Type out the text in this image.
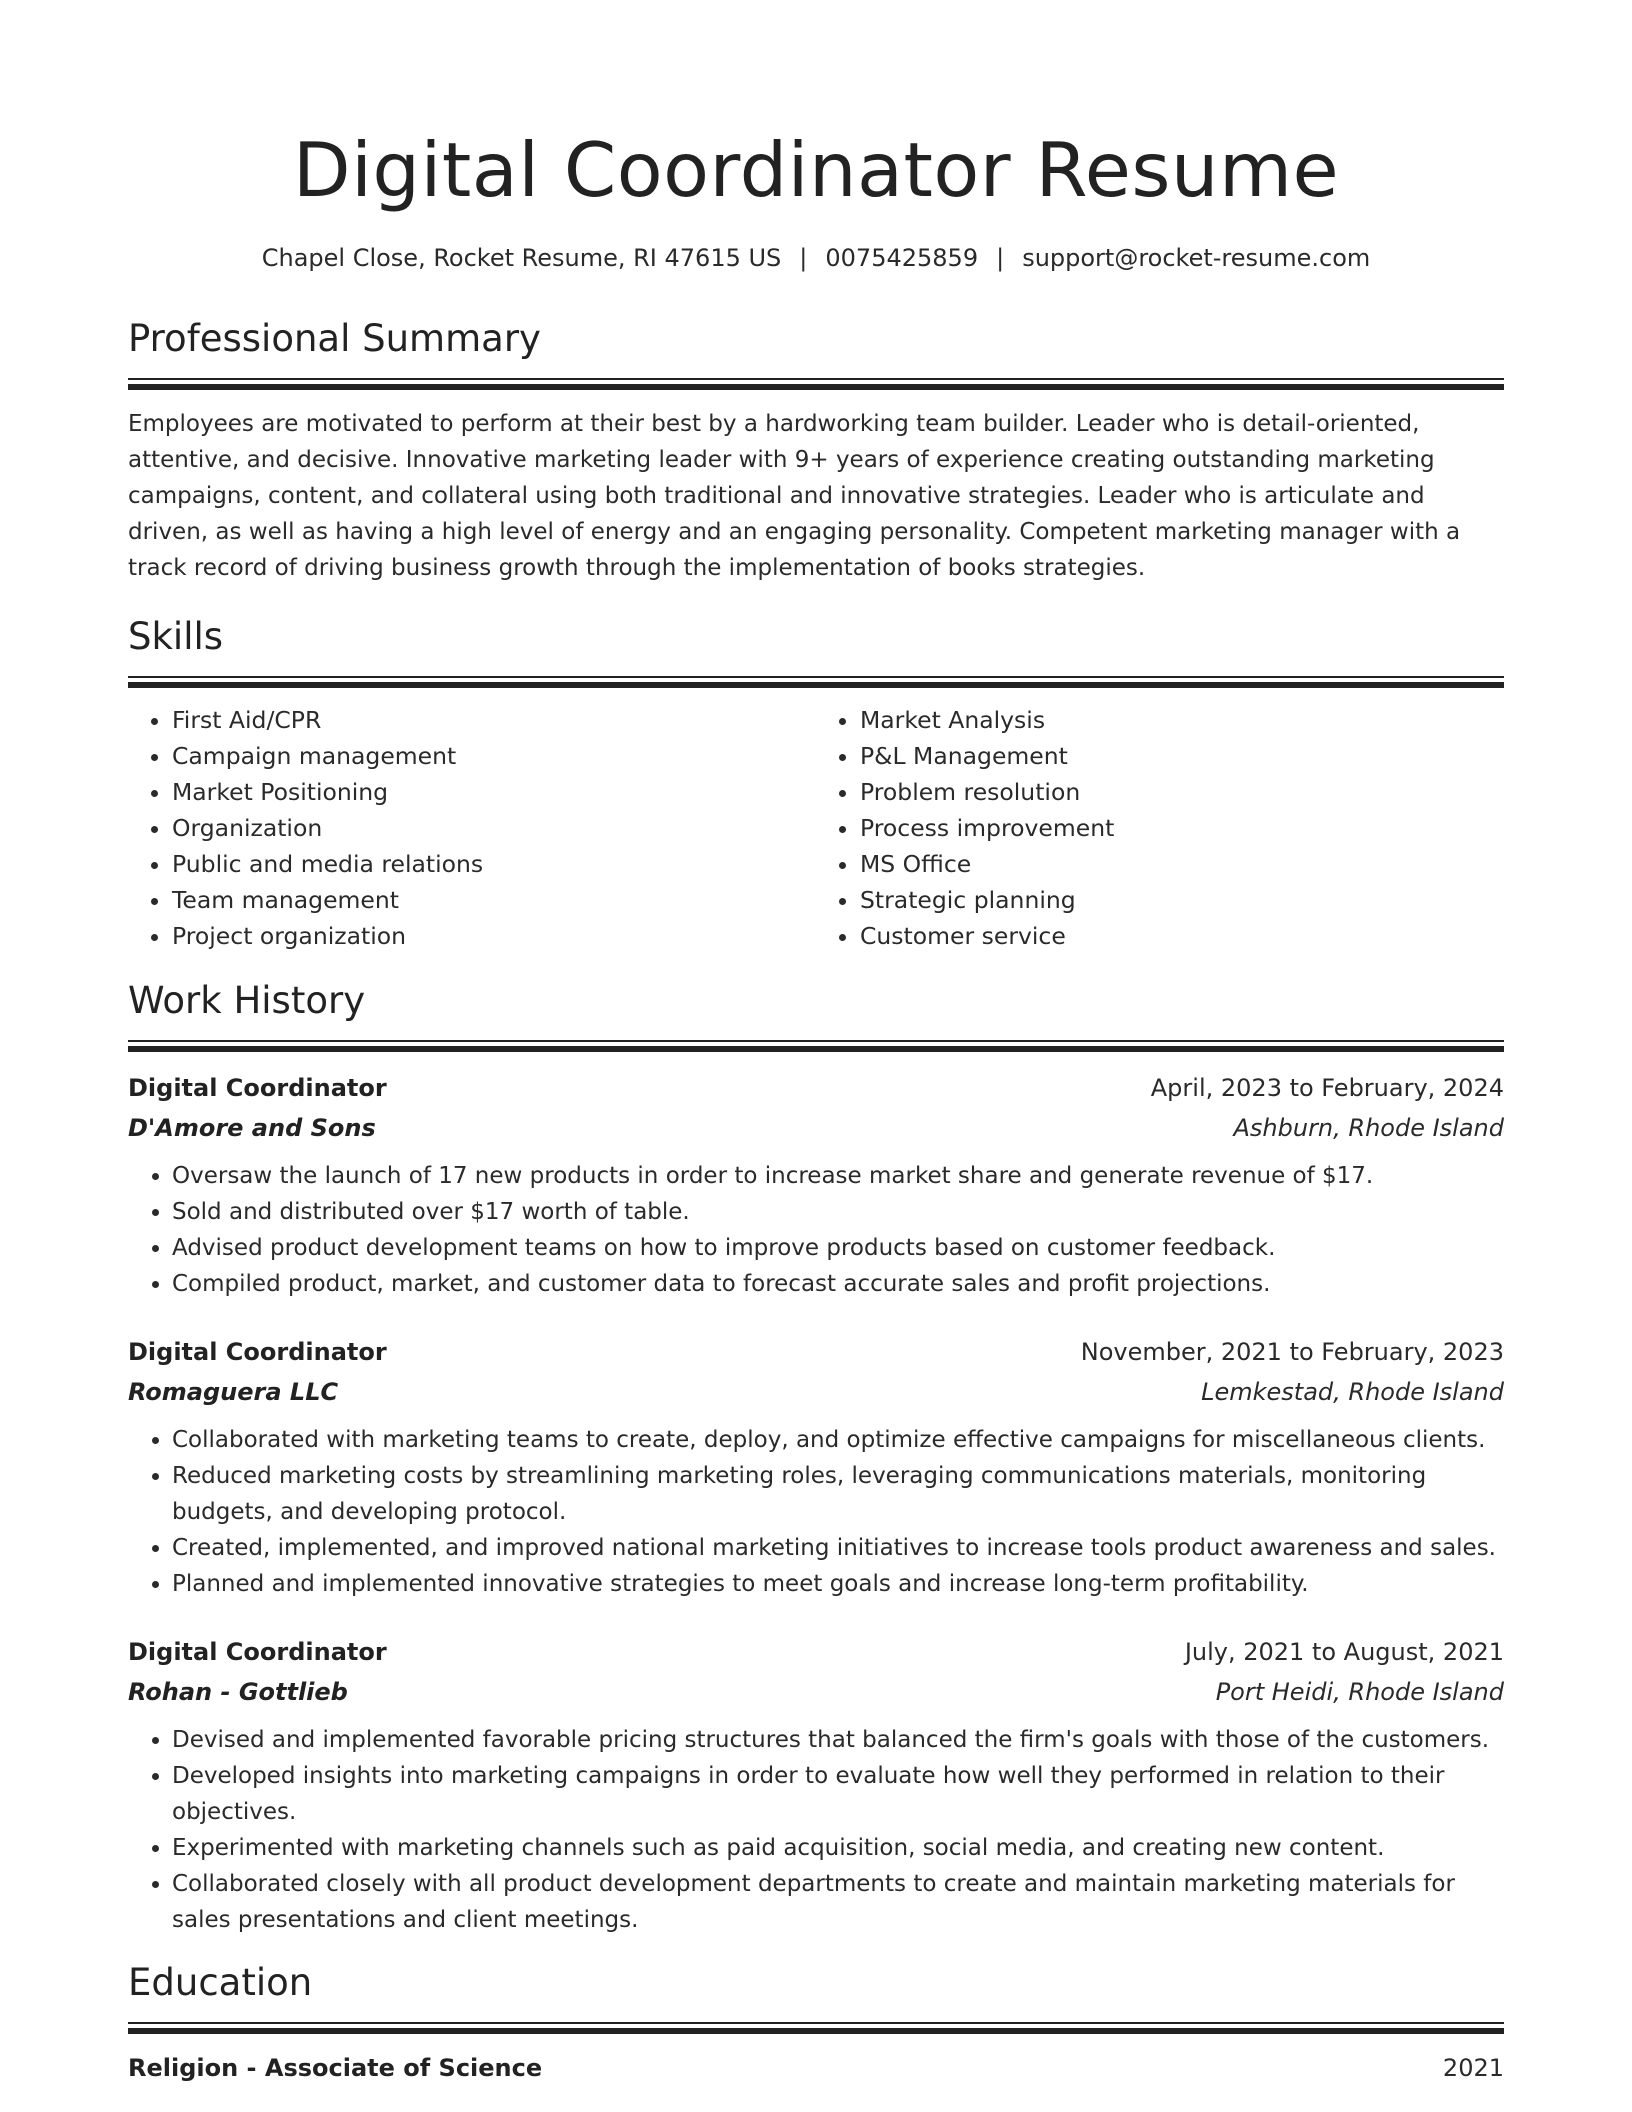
Digital Coordinator Resume
Chapel Close, Rocket Resume, RI 47615 US | 0075425859 | support@rocket-resume.com
Professional Summary

Employees are motivated to perform at their best by a hardworking team builder. Leader who is detail-oriented, attentive, and decisive. Innovative marketing leader with 9+ years of experience creating outstanding marketing campaigns, content, and collateral using both traditional and innovative strategies. Leader who is articulate and driven, as well as having a high level of energy and an engaging personality. Competent marketing manager with a track record of driving business growth through the implementation of books strategies.

Skills
• First Aid/CPR
• Campaign management
• Market Positioning
• Organization
• Public and media relations
• Team management
• Project organization
• Market Analysis
• P&L Management
• Problem resolution
• Process improvement
• MS Office
• Strategic planning
• Customer service
Work History
Digital Coordinator	April, 2023 to February, 2024
D'Amore and Sons	Ashburn, Rhode Island
• Oversaw the launch of 17 new products in order to increase market share and generate revenue of $17.
• Sold and distributed over $17 worth of table.
• Advised product development teams on how to improve products based on customer feedback.
• Compiled product, market, and customer data to forecast accurate sales and profit projections.
Digital Coordinator	November, 2021 to February, 2023
Romaguera LLC	Lemkestad, Rhode Island
• Collaborated with marketing teams to create, deploy, and optimize effective campaigns for miscellaneous clients.
• Reduced marketing costs by streamlining marketing roles, leveraging communications materials, monitoring budgets, and developing protocol.
• Created, implemented, and improved national marketing initiatives to increase tools product awareness and sales.
• Planned and implemented innovative strategies to meet goals and increase long-term profitability.
Digital Coordinator	July, 2021 to August, 2021
Rohan - Gottlieb	Port Heidi, Rhode Island
• Devised and implemented favorable pricing structures that balanced the firm's goals with those of the customers.
• Developed insights into marketing campaigns in order to evaluate how well they performed in relation to their objectives.
• Experimented with marketing channels such as paid acquisition, social media, and creating new content.
• Collaborated closely with all product development departments to create and maintain marketing materials for sales presentations and client meetings.
Education
Religion - Associate of Science	2021
